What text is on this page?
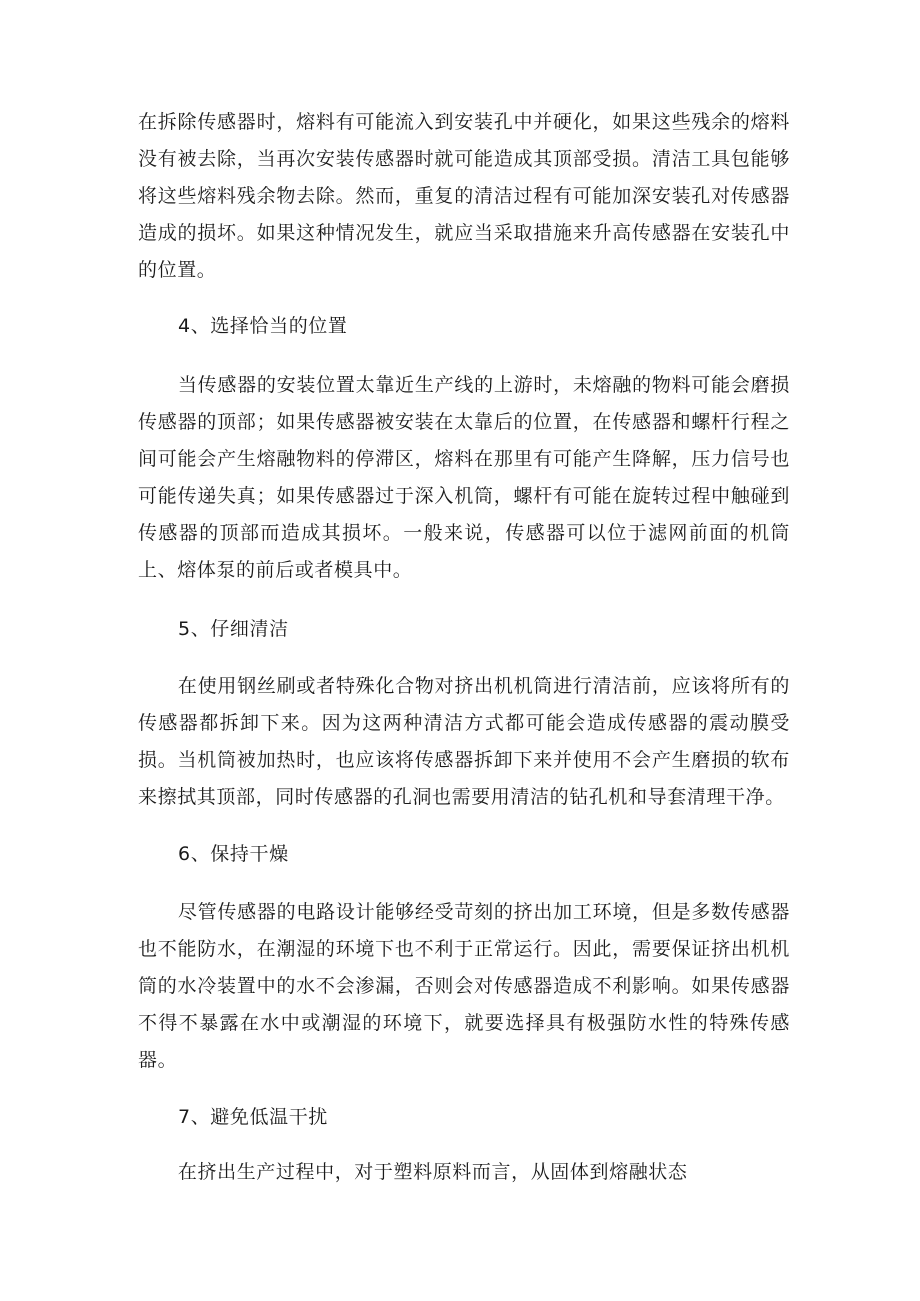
在拆除传感器时，熔料有可能流入到安装孔中并硬化，如果这些残余的熔料没有被去除，当再次安装传感器时就可能造成其顶部受损。清洁工具包能够将这些熔料残余物去除。然而，重复的清洁过程有可能加深安装孔对传感器造成的损坏。如果这种情况发生，就应当采取措施来升高传感器在安装孔中的位置。

4、选择恰当的位置

当传感器的安装位置太靠近生产线的上游时，未熔融的物料可能会磨损传感器的顶部；如果传感器被安装在太靠后的位置，在传感器和螺杆行程之间可能会产生熔融物料的停滞区，熔料在那里有可能产生降解，压力信号也可能传递失真；如果传感器过于深入机筒，螺杆有可能在旋转过程中触碰到传感器的顶部而造成其损坏。一般来说，传感器可以位于滤网前面的机筒上、熔体泵的前后或者模具中。

5、仔细清洁

在使用钢丝刷或者特殊化合物对挤出机机筒进行清洁前，应该将所有的传感器都拆卸下来。因为这两种清洁方式都可能会造成传感器的震动膜受损。当机筒被加热时，也应该将传感器拆卸下来并使用不会产生磨损的软布来擦拭其顶部，同时传感器的孔洞也需要用清洁的钻孔机和导套清理干净。

6、保持干燥

尽管传感器的电路设计能够经受苛刻的挤出加工环境，但是多数传感器也不能防水，在潮湿的环境下也不利于正常运行。因此，需要保证挤出机机筒的水冷装置中的水不会渗漏，否则会对传感器造成不利影响。如果传感器不得不暴露在水中或潮湿的环境下，就要选择具有极强防水性的特殊传感器。

7、避免低温干扰

在挤出生产过程中，对于塑料原料而言，从固体到熔融状态
